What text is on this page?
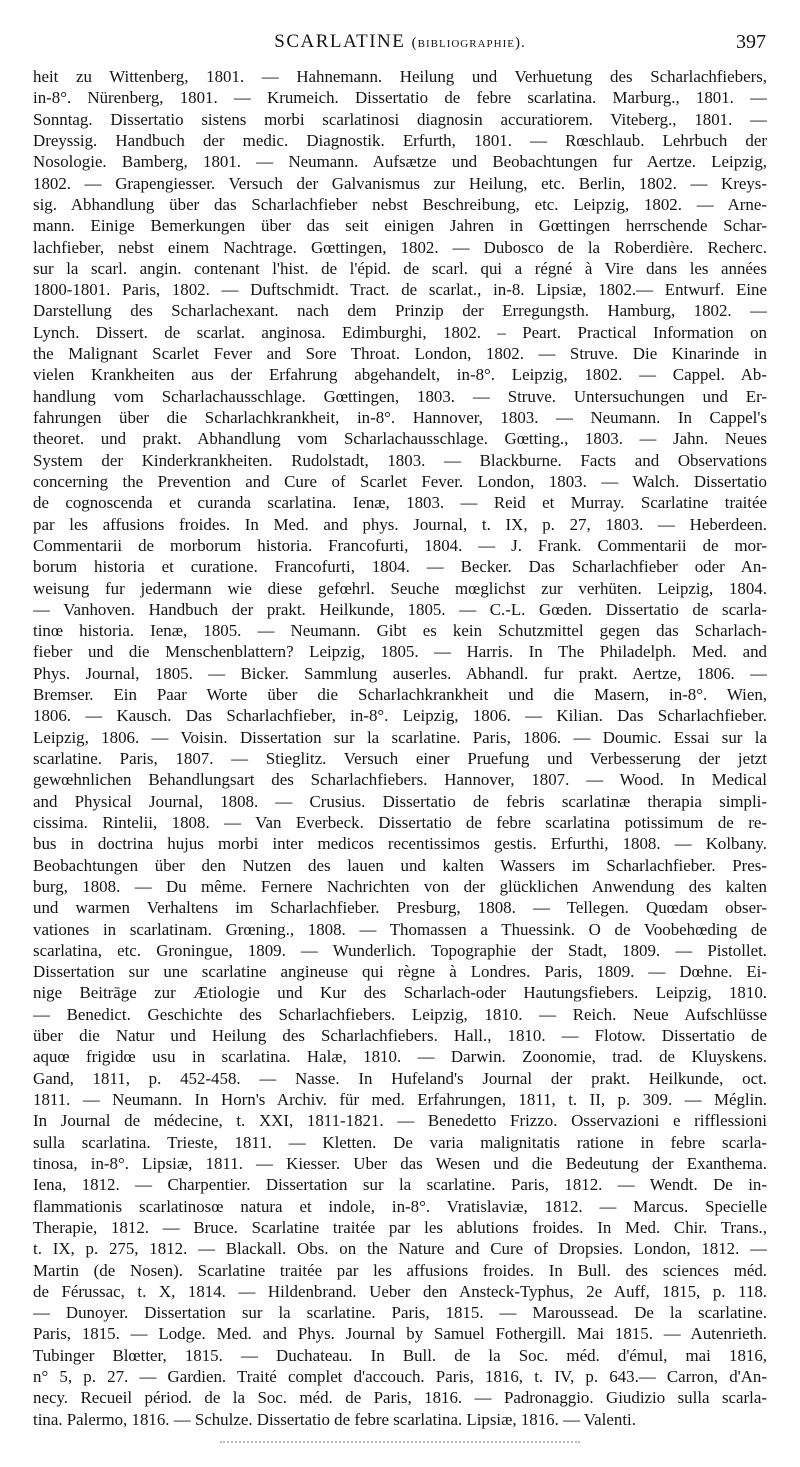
SCARLATINE (bibliographie).	397
heit zu Wittenberg, 1801. — Hahnemann. Heilung und Verhuetung des Scharlachfiebers,
in-8°. Nürenberg, 1801. — Krumeich. Dissertatio de febre scarlatina. Marburg., 1801. —
Sonntag. Dissertatio sistens morbi scarlatinosi diagnosin accuratiorem. Viteberg., 1801. —
Dreyssig. Handbuch der medic. Diagnostik. Erfurth, 1801. — Rœschlaub. Lehrbuch der
Nosologie. Bamberg, 1801. — Neumann. Aufsætze und Beobachtungen fur Aertze. Leipzig,
1802. — Grapengiesser. Versuch der Galvanismus zur Heilung, etc. Berlin, 1802. — Kreys-
sig. Abhandlung über das Scharlachfieber nebst Beschreibung, etc. Leipzig, 1802. — Arne-
mann. Einige Bemerkungen über das seit einigen Jahren in Gœttingen herrschende Schar-
lachfieber, nebst einem Nachtrage. Gœttingen, 1802. — Dubosco de la Roberdière. Recherc.
sur la scarl. angin. contenant l'hist. de l'épid. de scarl. qui a régné à Vire dans les années
1800-1801. Paris, 1802. — Duftschmidt. Tract. de scarlat., in-8. Lipsiæ, 1802.— Entwurf. Eine
Darstellung des Scharlachexant. nach dem Prinzip der Erregungsth. Hamburg, 1802. —
Lynch. Dissert. de scarlat. anginosa. Edimburghi, 1802. – Peart. Practical Information on
the Malignant Scarlet Fever and Sore Throat. London, 1802. — Struve. Die Kinarinde in
vielen Krankheiten aus der Erfahrung abgehandelt, in-8°. Leipzig, 1802. — Cappel. Ab-
handlung vom Scharlachausschlage. Gœttingen, 1803. — Struve. Untersuchungen und Er-
fahrungen über die Scharlachkrankheit, in-8°. Hannover, 1803. — Neumann. In Cappel's
theoret. und prakt. Abhandlung vom Scharlachausschlage. Gœtting., 1803. — Jahn. Neues
System der Kinderkrankheiten. Rudolstadt, 1803. — Blackburne. Facts and Observations
concerning the Prevention and Cure of Scarlet Fever. London, 1803. — Walch. Dissertatio
de cognoscenda et curanda scarlatina. Ienæ, 1803. — Reid et Murray. Scarlatine traitée
par les affusions froides. In Med. and phys. Journal, t. IX, p. 27, 1803. — Heberdeen.
Commentarii de morborum historia. Francofurti, 1804. — J. Frank. Commentarii de mor-
borum historia et curatione. Francofurti, 1804. — Becker. Das Scharlachfieber oder An-
weisung fur jedermann wie diese gefœhrl. Seuche mœglichst zur verhüten. Leipzig, 1804.
— Vanhoven. Handbuch der prakt. Heilkunde, 1805. — C.-L. Gœden. Dissertatio de scarla-
tinœ historia. Ienæ, 1805. — Neumann. Gibt es kein Schutzmittel gegen das Scharlach-
fieber und die Menschenblattern? Leipzig, 1805. — Harris. In The Philadelph. Med. and
Phys. Journal, 1805. — Bicker. Sammlung auserles. Abhandl. fur prakt. Aertze, 1806. —
Bremser. Ein Paar Worte über die Scharlachkrankheit und die Masern, in-8°. Wien,
1806. — Kausch. Das Scharlachfieber, in-8°. Leipzig, 1806. — Kilian. Das Scharlachfieber.
Leipzig, 1806. — Voisin. Dissertation sur la scarlatine. Paris, 1806. — Doumic. Essai sur la
scarlatine. Paris, 1807. — Stieglitz. Versuch einer Pruefung und Verbesserung der jetzt
gewœhnlichen Behandlungsart des Scharlachfiebers. Hannover, 1807. — Wood. In Medical
and Physical Journal, 1808. — Crusius. Dissertatio de febris scarlatinæ therapia simpli-
cissima. Rintelii, 1808. — Van Everbeck. Dissertatio de febre scarlatina potissimum de re-
bus in doctrina hujus morbi inter medicos recentissimos gestis. Erfurthi, 1808. — Kolbany.
Beobachtungen über den Nutzen des lauen und kalten Wassers im Scharlachfieber. Pres-
burg, 1808. — Du même. Fernere Nachrichten von der glücklichen Anwendung des kalten
und warmen Verhaltens im Scharlachfieber. Presburg, 1808. — Tellegen. Quœdam obser-
vationes in scarlatinam. Grœning., 1808. — Thomassen a Thuessink. O de Voobehœding de
scarlatina, etc. Groningue, 1809. — Wunderlich. Topographie der Stadt, 1809. — Pistollet.
Dissertation sur une scarlatine angineuse qui règne à Londres. Paris, 1809. — Dœhne. Ei-
nige Beitrāge zur Ætiologie und Kur des Scharlach-oder Hautungsfiebers. Leipzig, 1810.
— Benedict. Geschichte des Scharlachfiebers. Leipzig, 1810. — Reich. Neue Aufschlüsse
über die Natur und Heilung des Scharlachfiebers. Hall., 1810. — Flotow. Dissertatio de
aquœ frigidœ usu in scarlatina. Halæ, 1810. — Darwin. Zoonomie, trad. de Kluyskens.
Gand, 1811, p. 452-458. — Nasse. In Hufeland's Journal der prakt. Heilkunde, oct.
1811. — Neumann. In Horn's Archiv. für med. Erfahrungen, 1811, t. II, p. 309. — Méglin.
In Journal de médecine, t. XXI, 1811-1821. — Benedetto Frizzo. Osservazioni e rifflessioni
sulla scarlatina. Trieste, 1811. — Kletten. De varia malignitatis ratione in febre scarla-
tinosa, in-8°. Lipsiæ, 1811. — Kiesser. Uber das Wesen und die Bedeutung der Exanthema.
Iena, 1812. — Charpentier. Dissertation sur la scarlatine. Paris, 1812. — Wendt. De in-
flammationis scarlatinosœ natura et indole, in-8°. Vratislaviæ, 1812. — Marcus. Specielle
Therapie, 1812. — Bruce. Scarlatine traitée par les ablutions froides. In Med. Chir. Trans.,
t. IX, p. 275, 1812. — Blackall. Obs. on the Nature and Cure of Dropsies. London, 1812. —
Martin (de Nosen). Scarlatine traitée par les affusions froides. In Bull. des sciences méd.
de Férussac, t. X, 1814. — Hildenbrand. Ueber den Ansteck-Typhus, 2e Auff, 1815, p. 118.
— Dunoyer. Dissertation sur la scarlatine. Paris, 1815. — Maroussead. De la scarlatine.
Paris, 1815. — Lodge. Med. and Phys. Journal by Samuel Fothergill. Mai 1815. — Autenrieth.
Tubinger Blœtter, 1815. — Duchateau. In Bull. de la Soc. méd. d'émul, mai 1816,
n° 5, p. 27. — Gardien. Traité complet d'accouch. Paris, 1816, t. IV, p. 643.— Carron, d'An-
necy. Recueil périod. de la Soc. méd. de Paris, 1816. — Padronaggio. Giudizio sulla scarla-
tina. Palermo, 1816. — Schulze. Dissertatio de febre scarlatina. Lipsiæ, 1816. — Valenti.
